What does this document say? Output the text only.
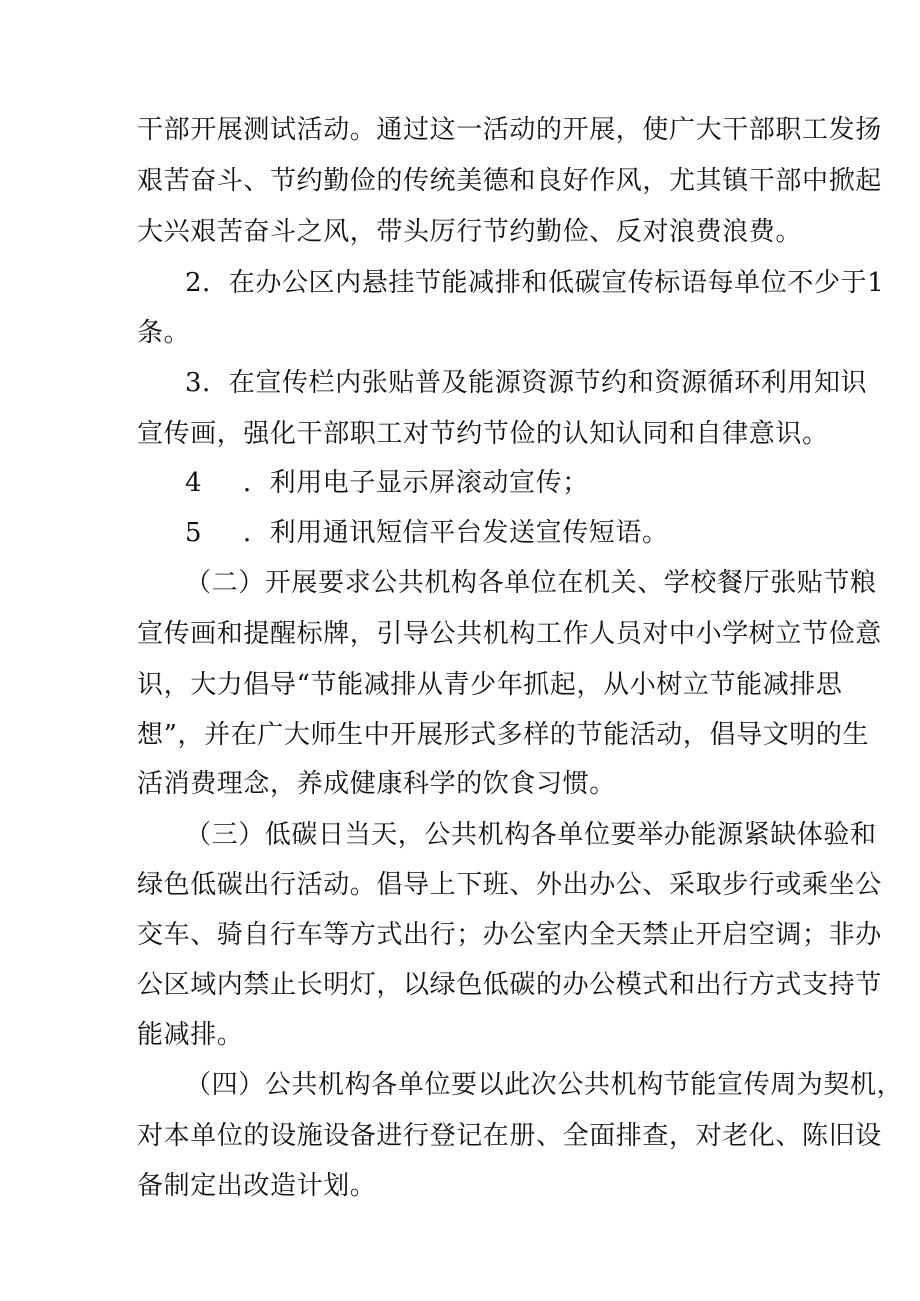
干部开展测试活动。通过这一活动的开展，使广大干部职工发扬
艰苦奋斗、节约勤俭的传统美德和良好作风，尤其镇干部中掀起
大兴艰苦奋斗之风，带头厉行节约勤俭、反对浪费浪费。
2．在办公区内悬挂节能减排和低碳宣传标语每单位不少于1
条。
3．在宣传栏内张贴普及能源资源节约和资源循环利用知识
宣传画，强化干部职工对节约节俭的认知认同和自律意识。
4 ．利用电子显示屏滚动宣传；
5 ．利用通讯短信平台发送宣传短语。
（二）开展要求公共机构各单位在机关、学校餐厅张贴节粮
宣传画和提醒标牌，引导公共机构工作人员对中小学树立节俭意
识，大力倡导“节能减排从青少年抓起，从小树立节能减排思
想”，并在广大师生中开展形式多样的节能活动，倡导文明的生
活消费理念，养成健康科学的饮食习惯。
（三）低碳日当天，公共机构各单位要举办能源紧缺体验和
绿色低碳出行活动。倡导上下班、外出办公、采取步行或乘坐公
交车、骑自行车等方式出行；办公室内全天禁止开启空调；非办
公区域内禁止长明灯，以绿色低碳的办公模式和出行方式支持节
能减排。
（四）公共机构各单位要以此次公共机构节能宣传周为契机，
对本单位的设施设备进行登记在册、全面排查，对老化、陈旧设
备制定出改造计划。
